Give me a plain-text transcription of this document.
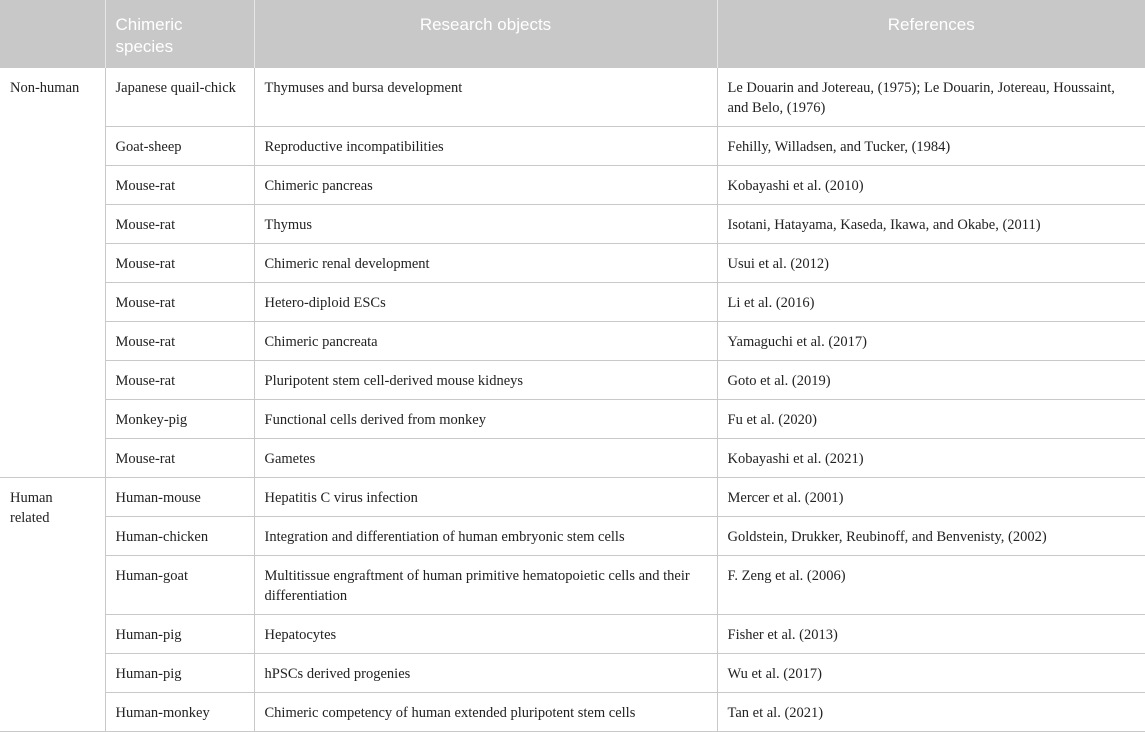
	Chimeric species	Research objects	References

Non-human	Japanese quail-chick	Thymuses and bursa development	Le Douarin and Jotereau, (1975); Le Douarin, Jotereau, Houssaint, and Belo, (1976)
	Goat-sheep	Reproductive incompatibilities	Fehilly, Willadsen, and Tucker, (1984)
	Mouse-rat	Chimeric pancreas	Kobayashi et al. (2010)
	Mouse-rat	Thymus	Isotani, Hatayama, Kaseda, Ikawa, and Okabe, (2011)
	Mouse-rat	Chimeric renal development	Usui et al. (2012)
	Mouse-rat	Hetero-diploid ESCs	Li et al. (2016)
	Mouse-rat	Chimeric pancreata	Yamaguchi et al. (2017)
	Mouse-rat	Pluripotent stem cell-derived mouse kidneys	Goto et al. (2019)
	Monkey-pig	Functional cells derived from monkey	Fu et al. (2020)
	Mouse-rat	Gametes	Kobayashi et al. (2021)
Human related	Human-mouse	Hepatitis C virus infection	Mercer et al. (2001)
	Human-chicken	Integration and differentiation of human embryonic stem cells	Goldstein, Drukker, Reubinoff, and Benvenisty, (2002)
	Human-goat	Multitissue engraftment of human primitive hematopoietic cells and their differentiation	F. Zeng et al. (2006)
	Human-pig	Hepatocytes	Fisher et al. (2013)
	Human-pig	hPSCs derived progenies	Wu et al. (2017)
	Human-monkey	Chimeric competency of human extended pluripotent stem cells	Tan et al. (2021)
